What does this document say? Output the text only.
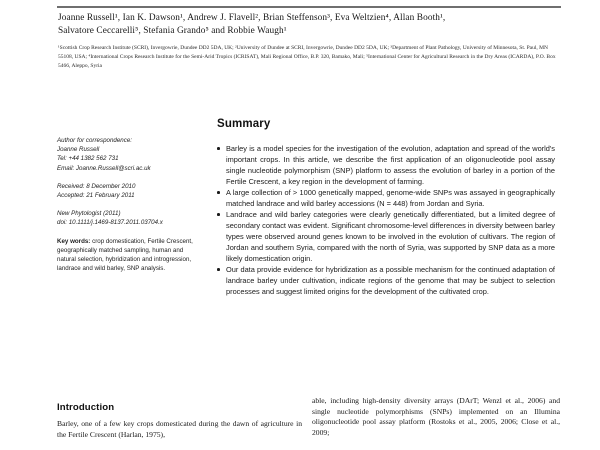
Joanne Russell¹, Ian K. Dawson¹, Andrew J. Flavell², Brian Steffenson³, Eva Weltzien⁴, Allan Booth¹,
Salvatore Ceccarelli⁵, Stefania Grando⁵ and Robbie Waugh¹
¹Scottish Crop Research Institute (SCRI), Invergowrie, Dundee DD2 5DA, UK; ²University of Dundee at SCRI, Invergowrie, Dundee DD2 5DA, UK; ³Department of Plant Pathology, University of Minnesota, St. Paul, MN 55108, USA; ⁴International Crops Research Institute for the Semi-Arid Tropics (ICRISAT), Mali Regional Office, B.P. 320, Bamako, Mali; ⁵International Center for Agricultural Research in the Dry Areas (ICARDA), P.O. Box 5466, Aleppo, Syria
Author for correspondence:
Joanne Russell
Tel: +44 1382 562 731
Email: Joanne.Russell@scri.ac.uk
Received: 8 December 2010
Accepted: 21 February 2011
New Phytologist (2011)
doi: 10.1111/j.1469-8137.2011.03704.x
Key words: crop domestication, Fertile Crescent, geographically matched sampling, human and natural selection, hybridization and introgression, landrace and wild barley, SNP analysis.
Summary
Barley is a model species for the investigation of the evolution, adaptation and spread of the world's important crops. In this article, we describe the first application of an oligonucleotide pool assay single nucleotide polymorphism (SNP) platform to assess the evolution of barley in a portion of the Fertile Crescent, a key region in the development of farming.
A large collection of > 1000 genetically mapped, genome-wide SNPs was assayed in geographically matched landrace and wild barley accessions (N = 448) from Jordan and Syria.
Landrace and wild barley categories were clearly genetically differentiated, but a limited degree of secondary contact was evident. Significant chromosome-level differences in diversity between barley types were observed around genes known to be involved in the evolution of cultivars. The region of Jordan and southern Syria, compared with the north of Syria, was supported by SNP data as a more likely domestication origin.
Our data provide evidence for hybridization as a possible mechanism for the continued adaptation of landrace barley under cultivation, indicate regions of the genome that may be subject to selection processes and suggest limited origins for the development of the cultivated crop.
Introduction

Barley, one of a few key crops domesticated during the dawn of agriculture in the Fertile Crescent (Harlan, 1975),

able, including high-density diversity arrays (DArT; Wenzl et al., 2006) and single nucleotide polymorphisms (SNPs) implemented on an Illumina oligonucleotide pool assay platform (Rostoks et al., 2005, 2006; Close et al., 2009;
